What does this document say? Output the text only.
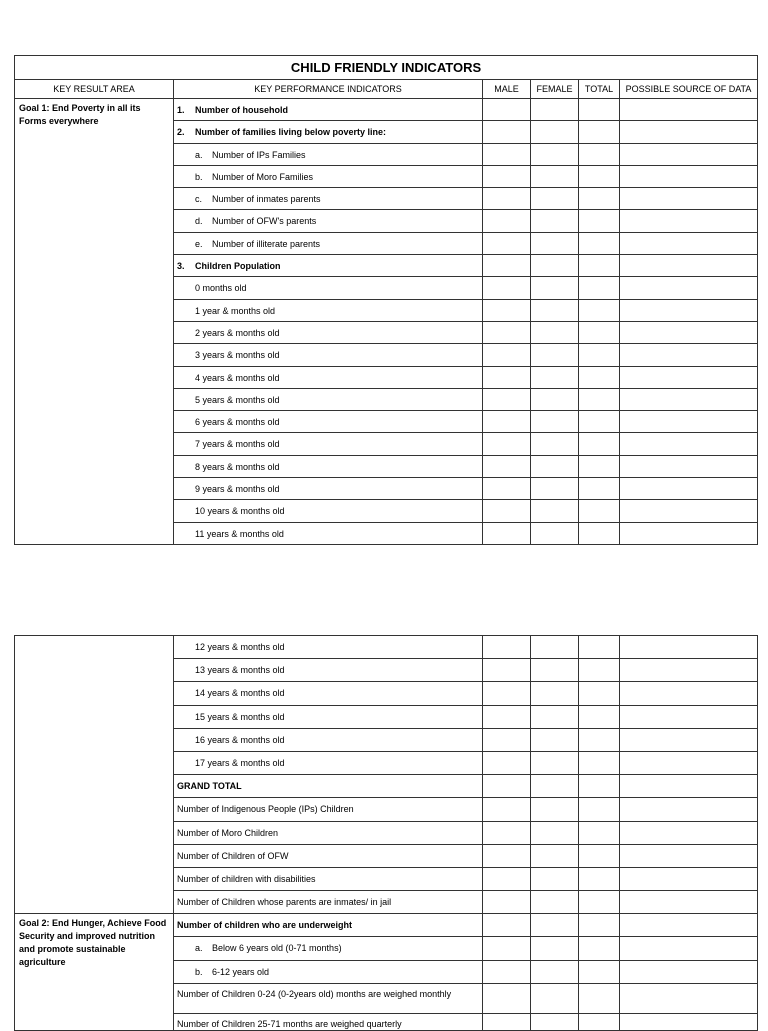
CHILD FRIENDLY INDICATORS					
KEY RESULT AREA	KEY PERFORMANCE INDICATORS	MALE	FEMALE	TOTAL	POSSIBLE SOURCE OF DATA
Goal 1: End Poverty in all its Forms everywhere	1. Number of household				

	2. Number of families living below poverty line:				

	a. Number of IPs Families				

	b. Number of Moro Families				

	c. Number of inmates parents				

	d. Number of OFW's parents				

	e. Number of illiterate parents				

	3. Children Population				

	0 months old				

	1 year & months old				

	2 years & months old				

	3 years & months old				

	4 years & months old				

	5 years & months old				

	6 years & months old				

	7 years & months old				

	8 years & months old				

	9 years & months old				

	10 years & months old				

	11 years & months old				

	12 years & months old				

	13 years & months old				

	14 years & months old				

	15 years & months old				

	16 years & months old				

	17 years & months old				

	GRAND TOTAL				

	Number of Indigenous People (IPs) Children				

	Number of Moro Children				

	Number of Children of OFW				

	Number of children with disabilities				

	Number of Children whose parents are inmates/ in jail				

Goal 2: End Hunger, Achieve Food Security and improved nutrition and promote sustainable agriculture	Number of children who are underweight				

	a. Below 6 years old (0-71 months)				

	b. 6-12 years old				

	Number of Children 0-24 (0-2years old) months are weighed monthly				

	Number of Children 25-71 months are weighed quarterly				
